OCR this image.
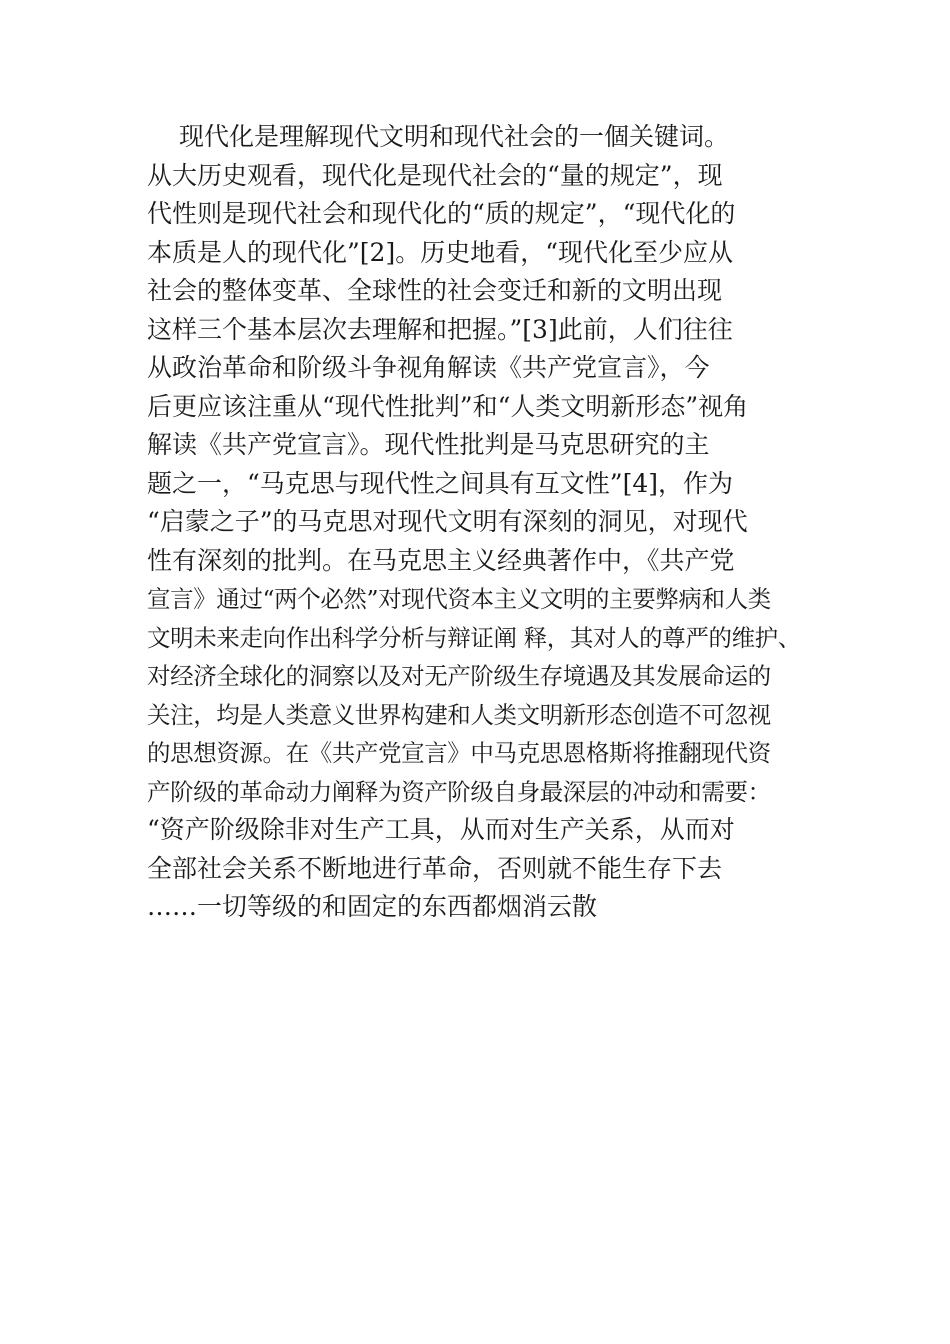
现代化是理解现代文明和现代社会的一個关键词。
从大历史观看，现代化是现代社会的“量的规定”，现
代性则是现代社会和现代化的“质的规定”，“现代化的
本质是人的现代化”[2]。历史地看，“现代化至少应从
社会的整体变革、全球性的社会变迁和新的文明出现
这样三个基本层次去理解和把握。”[3]此前，人们往往
从政治革命和阶级斗争视角解读《共产党宣言》，今
后更应该注重从“现代性批判”和“人类文明新形态”视角
解读《共产党宣言》。现代性批判是马克思研究的主
题之一，“马克思与现代性之间具有互文性”[4]，作为
“启蒙之子”的马克思对现代文明有深刻的洞见，对现代
性有深刻的批判。在马克思主义经典著作中，《共产党
宣言》通过“两个必然”对现代资本主义文明的主要弊病和人类
文明未来走向作出科学分析与辩证阐 释，其对人的尊严的维护、
对经济全球化的洞察以及对无产阶级生存境遇及其发展命运的
关注，均是人类意义世界构建和人类文明新形态创造不可忽视
的思想资源。在《共产党宣言》中马克思恩格斯将推翻现代资
产阶级的革命动力阐释为资产阶级自身最深层的冲动和需要：
“资产阶级除非对生产工具，从而对生产关系，从而对
全部社会关系不断地进行革命，否则就不能生存下去
……一切等级的和固定的东西都烟消云散
